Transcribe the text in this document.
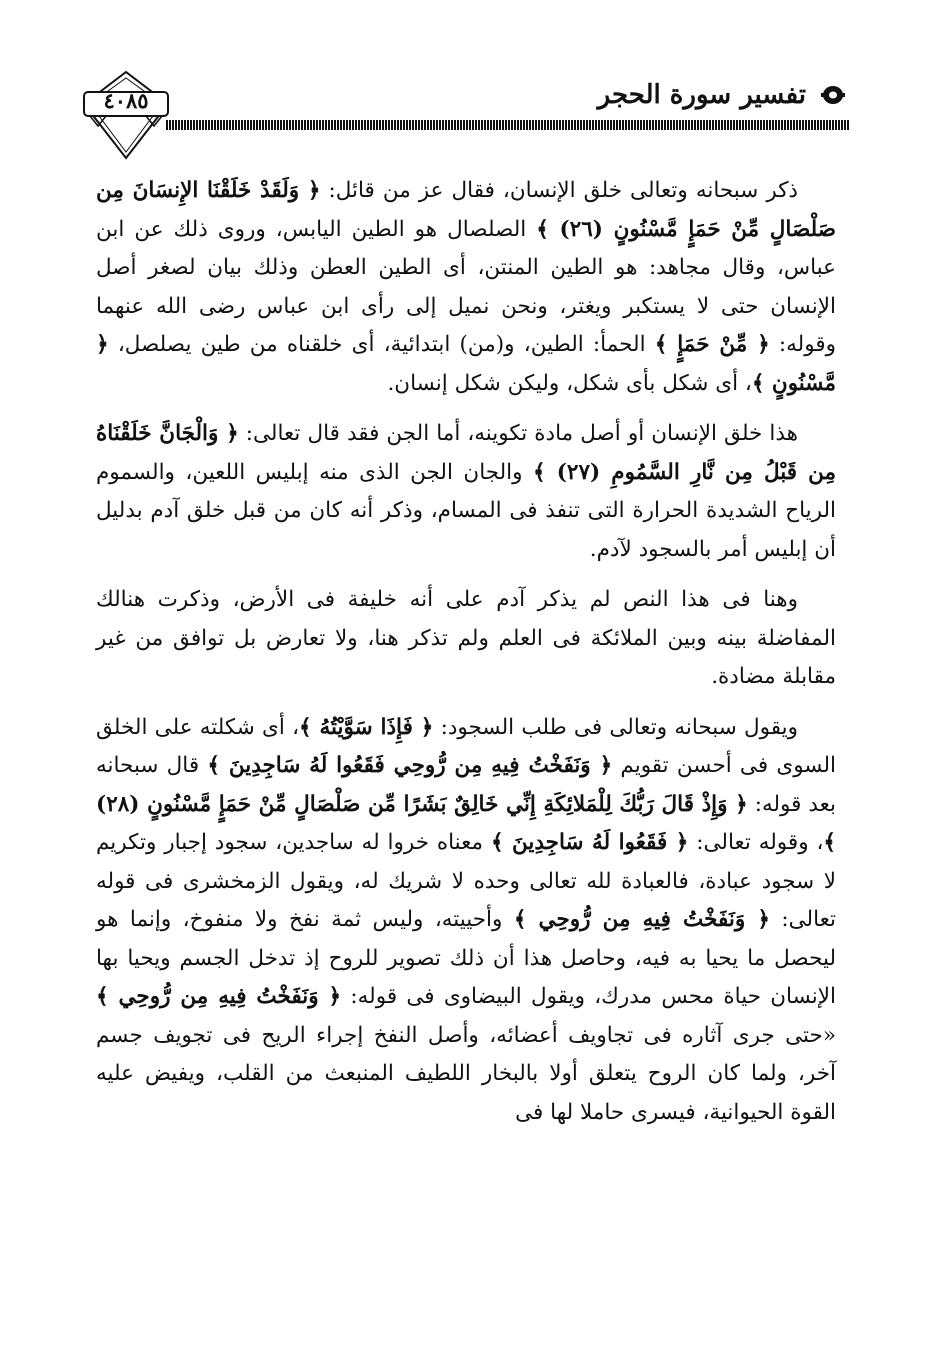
٤٠٨٥	تفسير سورة الحجر

ذكر سبحانه وتعالى خلق الإنسان، فقال عز من قائل: ﴿ وَلَقَدْ خَلَقْنَا الإِنسَانَ مِن صَلْصَالٍ مِّنْ حَمَإٍ مَّسْنُونٍ (٢٦) ﴾ الصلصال هو الطين اليابس، وروى ذلك عن ابن عباس، وقال مجاهد: هو الطين المنتن، أى الطين العطن وذلك بيان لصغر أصل الإنسان حتى لا يستكبر ويغتر، ونحن نميل إلى رأى ابن عباس رضى الله عنهما وقوله: ﴿ مِّنْ حَمَإٍ ﴾ الحمأ: الطين، و(من) ابتدائية، أى خلقناه من طين يصلصل، ﴿ مَّسْنُونٍ ﴾، أى شكل بأى شكل، وليكن شكل إنسان.

هذا خلق الإنسان أو أصل مادة تكوينه، أما الجن فقد قال تعالى: ﴿ وَالْجَانَّ خَلَقْنَاهُ مِن قَبْلُ مِن نَّارِ السَّمُومِ (٢٧) ﴾ والجان الجن الذى منه إبليس اللعين، والسموم الرياح الشديدة الحرارة التى تنفذ فى المسام، وذكر أنه كان من قبل خلق آدم بدليل أن إبليس أمر بالسجود لآدم.

وهنا فى هذا النص لم يذكر آدم على أنه خليفة فى الأرض، وذكرت هنالك المفاضلة بينه وبين الملائكة فى العلم ولم تذكر هنا، ولا تعارض بل توافق من غير مقابلة مضادة.

ويقول سبحانه وتعالى فى طلب السجود: ﴿ فَإِذَا سَوَّيْتُهُ ﴾، أى شكلته على الخلق السوى فى أحسن تقويم ﴿ وَنَفَخْتُ فِيهِ مِن رُّوحِي فَقَعُوا لَهُ سَاجِدِينَ ﴾ قال سبحانه بعد قوله: ﴿ وَإِذْ قَالَ رَبُّكَ لِلْمَلائِكَةِ إِنِّي خَالِقٌ بَشَرًا مِّن صَلْصَالٍ مِّنْ حَمَإٍ مَّسْنُونٍ (٢٨) ﴾، وقوله تعالى: ﴿ فَقَعُوا لَهُ سَاجِدِينَ ﴾ معناه خروا له ساجدين، سجود إجبار وتكريم لا سجود عبادة، فالعبادة لله تعالى وحده لا شريك له، ويقول الزمخشرى فى قوله تعالى: ﴿ وَنَفَخْتُ فِيهِ مِن رُّوحِي ﴾ وأحييته، وليس ثمة نفخ ولا منفوخ، وإنما هو ليحصل ما يحيا به فيه، وحاصل هذا أن ذلك تصوير للروح إذ تدخل الجسم ويحيا بها الإنسان حياة محس مدرك، ويقول البيضاوى فى قوله: ﴿ وَنَفَخْتُ فِيهِ مِن رُّوحِي ﴾ «حتى جرى آثاره فى تجاويف أعضائه، وأصل النفخ إجراء الريح فى تجويف جسم آخر، ولما كان الروح يتعلق أولا بالبخار اللطيف المنبعث من القلب، ويفيض عليه القوة الحيوانية، فيسرى حاملا لها فى
